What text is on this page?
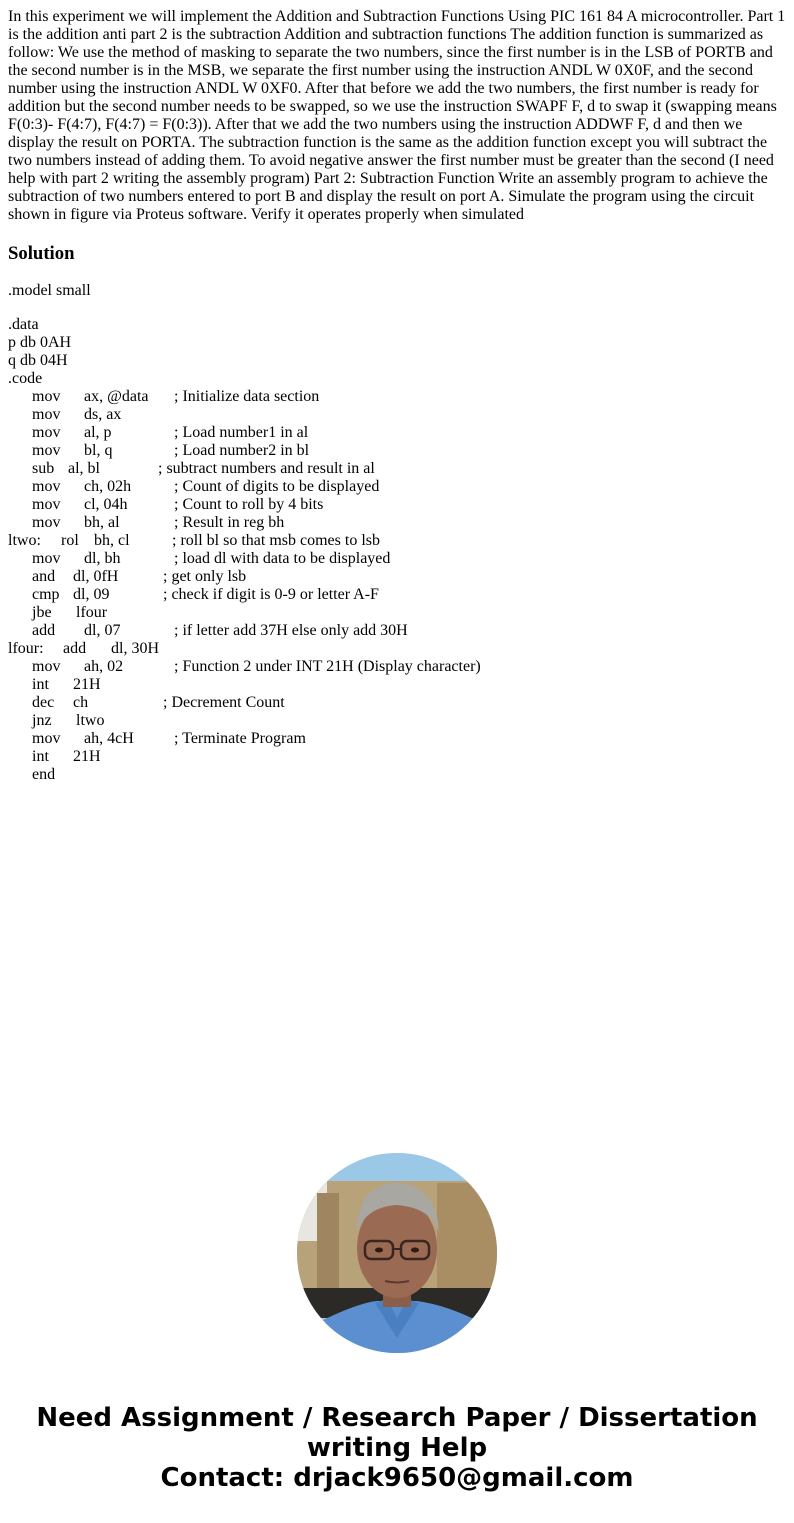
In this experiment we will implement the Addition and Subtraction Functions Using PIC 161 84 A microcontroller. Part 1 is the addition anti part 2 is the subtraction Addition and subtraction functions The addition function is summarized as follow: We use the method of masking to separate the two numbers, since the first number is in the LSB of PORTB and the second number is in the MSB, we separate the first number using the instruction ANDL W 0X0F, and the second number using the instruction ANDL W 0XF0. After that before we add the two numbers, the first number is ready for addition but the second number needs to be swapped, so we use the instruction SWAPF F, d to swap it (swapping means F(0:3)- F(4:7), F(4:7) = F(0:3)). After that we add the two numbers using the instruction ADDWF F, d and then we display the result on PORTA. The subtraction function is the same as the addition function except you will subtract the two numbers instead of adding them. To avoid negative answer the first number must be greater than the second (I need help with part 2 writing the assembly program) Part 2: Subtraction Function Write an assembly program to achieve the subtraction of two numbers entered to port B and display the result on port A. Simulate the program using the circuit shown in figure via Proteus software. Verify it operates properly when simulated

Solution
.model small
.data
p db 0AH
q db 04H
.code
mov ax, @data ; Initialize data section
mov ds, ax
mov al, p	; Load number1 in al
mov bl, q	; Load number2 in bl
sub al, bl	; subtract numbers and result in al
mov ch, 02h	; Count of digits to be displayed
mov cl, 04h	; Count to roll by 4 bits
mov bh, al	; Result in reg bh
ltwo: rol bh, cl	; roll bl so that msb comes to lsb
mov dl, bh	; load dl with data to be displayed
and dl, 0fH	; get only lsb
cmp dl, 09	; check if digit is 0-9 or letter A-F
jbe lfour
add dl, 07	; if letter add 37H else only add 30H
lfour: add dl, 30H
mov ah, 02	; Function 2 under INT 21H (Display character)
int 21H
dec ch	; Decrement Count
jnz ltwo
mov ah, 4cH	; Terminate Program
int 21H
end
Need Assignment / Research Paper / Dissertation
writing Help
Contact: drjack9650@gmail.com
